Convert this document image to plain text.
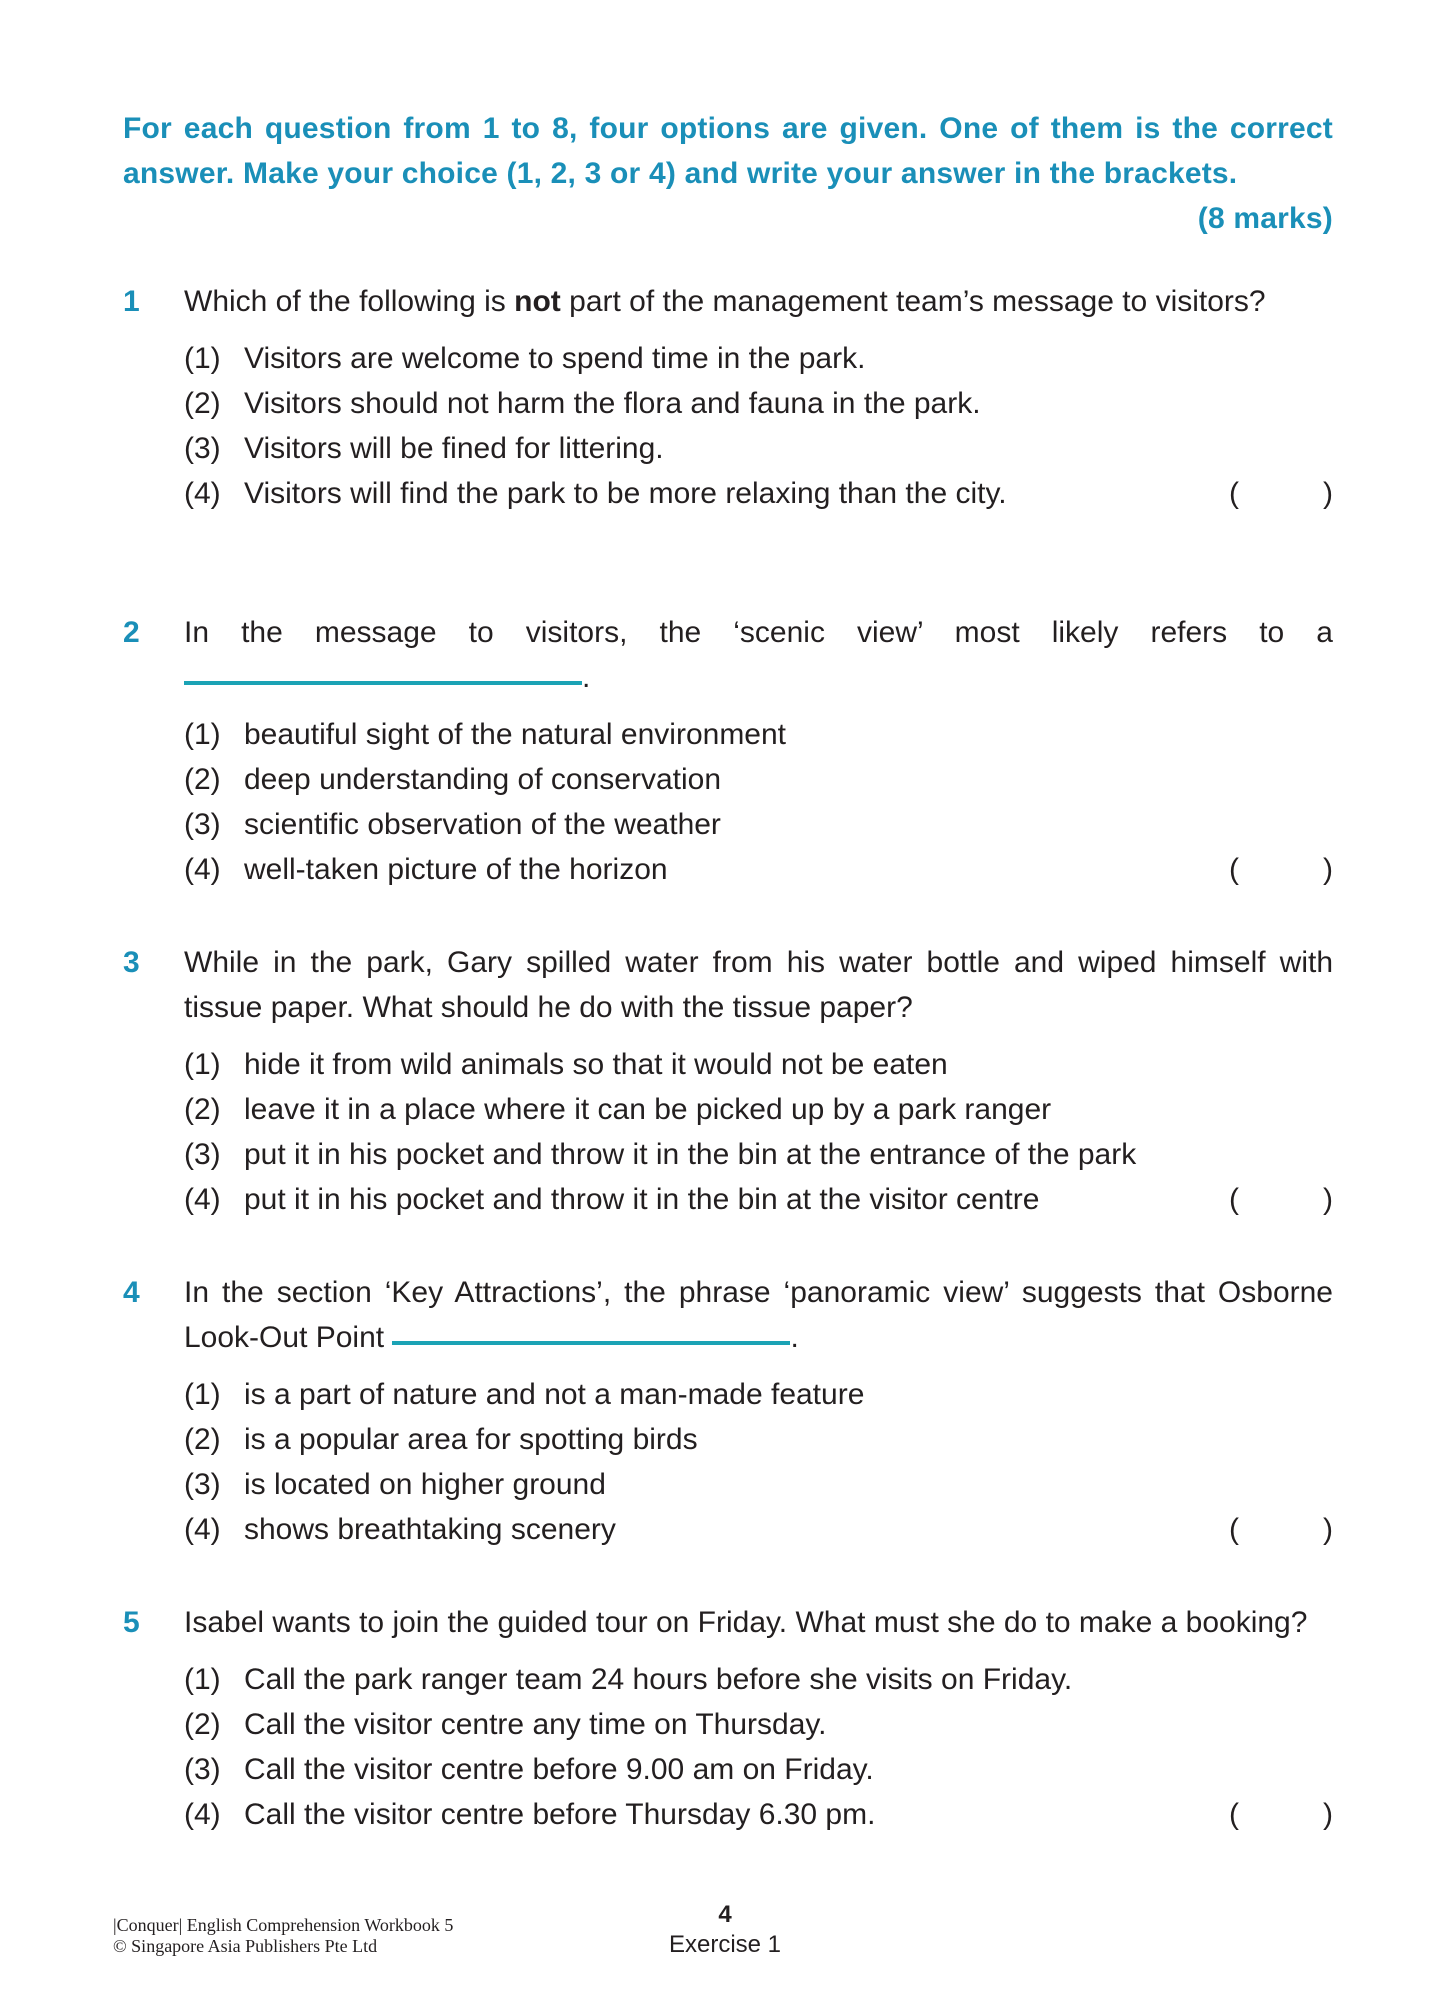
For each question from 1 to 8, four options are given. One of them is the correct answer. Make your choice (1, 2, 3 or 4) and write your answer in the brackets.
(8 marks)
1 Which of the following is not part of the management team’s message to visitors?
(1) Visitors are welcome to spend time in the park.
(2) Visitors should not harm the flora and fauna in the park.
(3) Visitors will be fined for littering.
(4) Visitors will find the park to be more relaxing than the city.	(	)
2 In the message to visitors, the ‘scenic view’ most likely refers to a
.
(1) beautiful sight of the natural environment
(2) deep understanding of conservation
(3) scientific observation of the weather
(4) well-taken picture of the horizon	(	)
3 While in the park, Gary spilled water from his water bottle and wiped himself with tissue paper. What should he do with the tissue paper?
(1) hide it from wild animals so that it would not be eaten
(2) leave it in a place where it can be picked up by a park ranger
(3) put it in his pocket and throw it in the bin at the entrance of the park
(4) put it in his pocket and throw it in the bin at the visitor centre	(	)
4 In the section ‘Key Attractions’, the phrase ‘panoramic view’ suggests that Osborne Look-Out Point	.
(1) is a part of nature and not a man-made feature
(2) is a popular area for spotting birds
(3) is located on higher ground
(4) shows breathtaking scenery	(	)
5 Isabel wants to join the guided tour on Friday. What must she do to make a booking?
(1) Call the park ranger team 24 hours before she visits on Friday.
(2) Call the visitor centre any time on Thursday.
(3) Call the visitor centre before 9.00 am on Friday.
(4) Call the visitor centre before Thursday 6.30 pm.	(	)
|Conquer| English Comprehension Workbook 5
© Singapore Asia Publishers Pte Ltd
4
Exercise 1
